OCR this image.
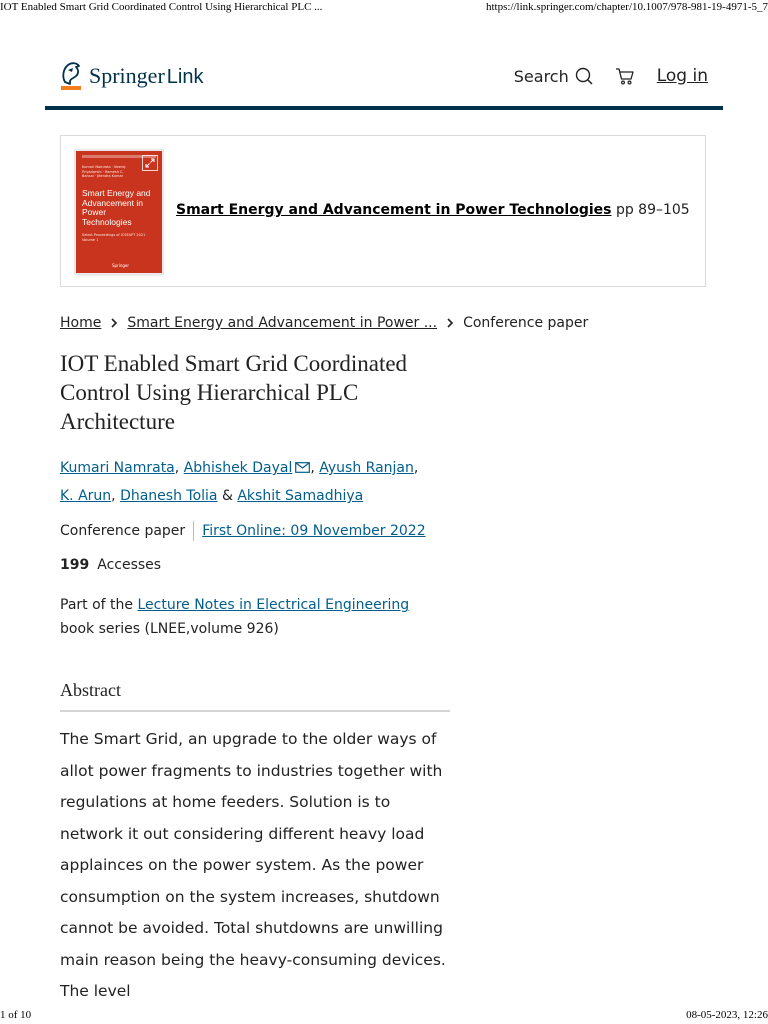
IOT Enabled Smart Grid Coordinated Control Using Hierarchical PLC ...	https://link.springer.com/chapter/10.1007/978-981-19-4971-5_7
Springer Link	Search	Log in
Kumari Namrata · Neeraj Priyadarshi · Ramesh C. Bansal · Jitendra Kumar
Smart Energy and Advancement in Power Technologies
Select Proceedings of ICSEAPT 2021 Volume 1
Springer
Smart Energy and Advancement in Power Technologies pp 89–105
Home Smart Energy and Advancement in Power ... Conference paper
IOT Enabled Smart Grid Coordinated Control Using Hierarchical PLC Architecture
Kumari Namrata, Abhishek Dayal , Ayush Ranjan, K. Arun, Dhanesh Tolia & Akshit Samadhiya
Conference paper First Online: 09 November 2022
199 Accesses
Part of the Lecture Notes in Electrical Engineering book series (LNEE,volume 926)
Abstract

The Smart Grid, an upgrade to the older ways of allot power fragments to industries together with regulations at home feeders. Solution is to network it out considering different heavy load applainces on the power system. As the power consumption on the system increases, shutdown cannot be avoided. Total shutdowns are unwilling main reason being the heavy-consuming devices. The level

1 of 10	08-05-2023, 12:26
